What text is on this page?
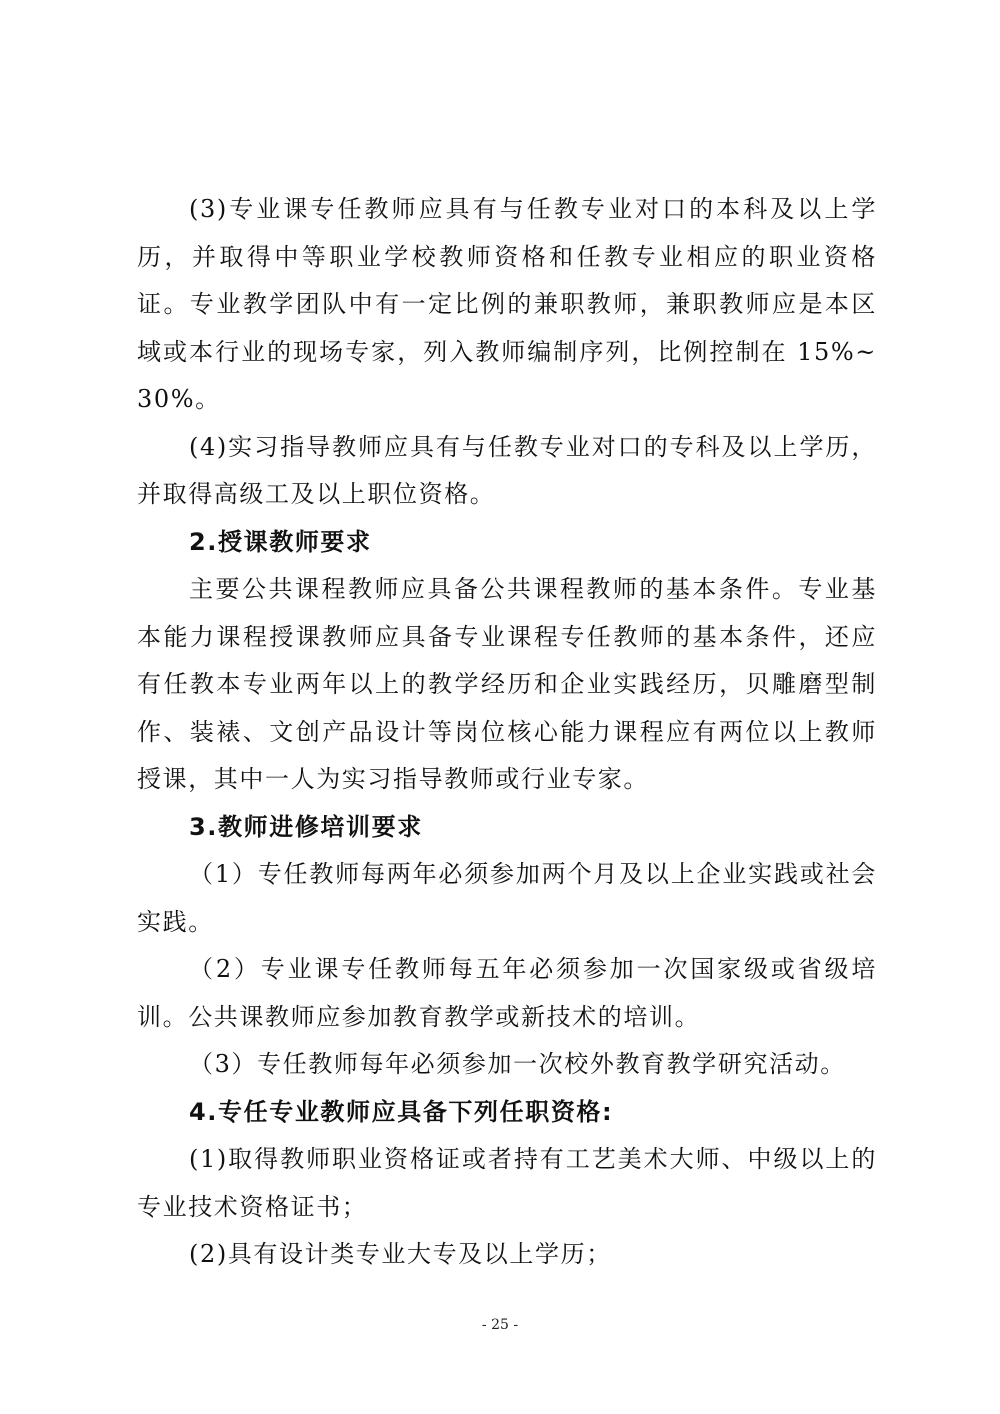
(3)专业课专任教师应具有与任教专业对口的本科及以上学历，并取得中等职业学校教师资格和任教专业相应的职业资格证。专业教学团队中有一定比例的兼职教师，兼职教师应是本区域或本行业的现场专家，列入教师编制序列，比例控制在 15%~30%。

(4)实习指导教师应具有与任教专业对口的专科及以上学历，并取得高级工及以上职位资格。

2.授课教师要求

主要公共课程教师应具备公共课程教师的基本条件。专业基本能力课程授课教师应具备专业课程专任教师的基本条件，还应有任教本专业两年以上的教学经历和企业实践经历，贝雕磨型制作、装裱、文创产品设计等岗位核心能力课程应有两位以上教师授课，其中一人为实习指导教师或行业专家。

3.教师进修培训要求

（1）专任教师每两年必须参加两个月及以上企业实践或社会实践。

（2）专业课专任教师每五年必须参加一次国家级或省级培训。公共课教师应参加教育教学或新技术的培训。

（3）专任教师每年必须参加一次校外教育教学研究活动。

4.专任专业教师应具备下列任职资格:

(1)取得教师职业资格证或者持有工艺美术大师、中级以上的专业技术资格证书；

(2)具有设计类专业大专及以上学历；

- 25 -
